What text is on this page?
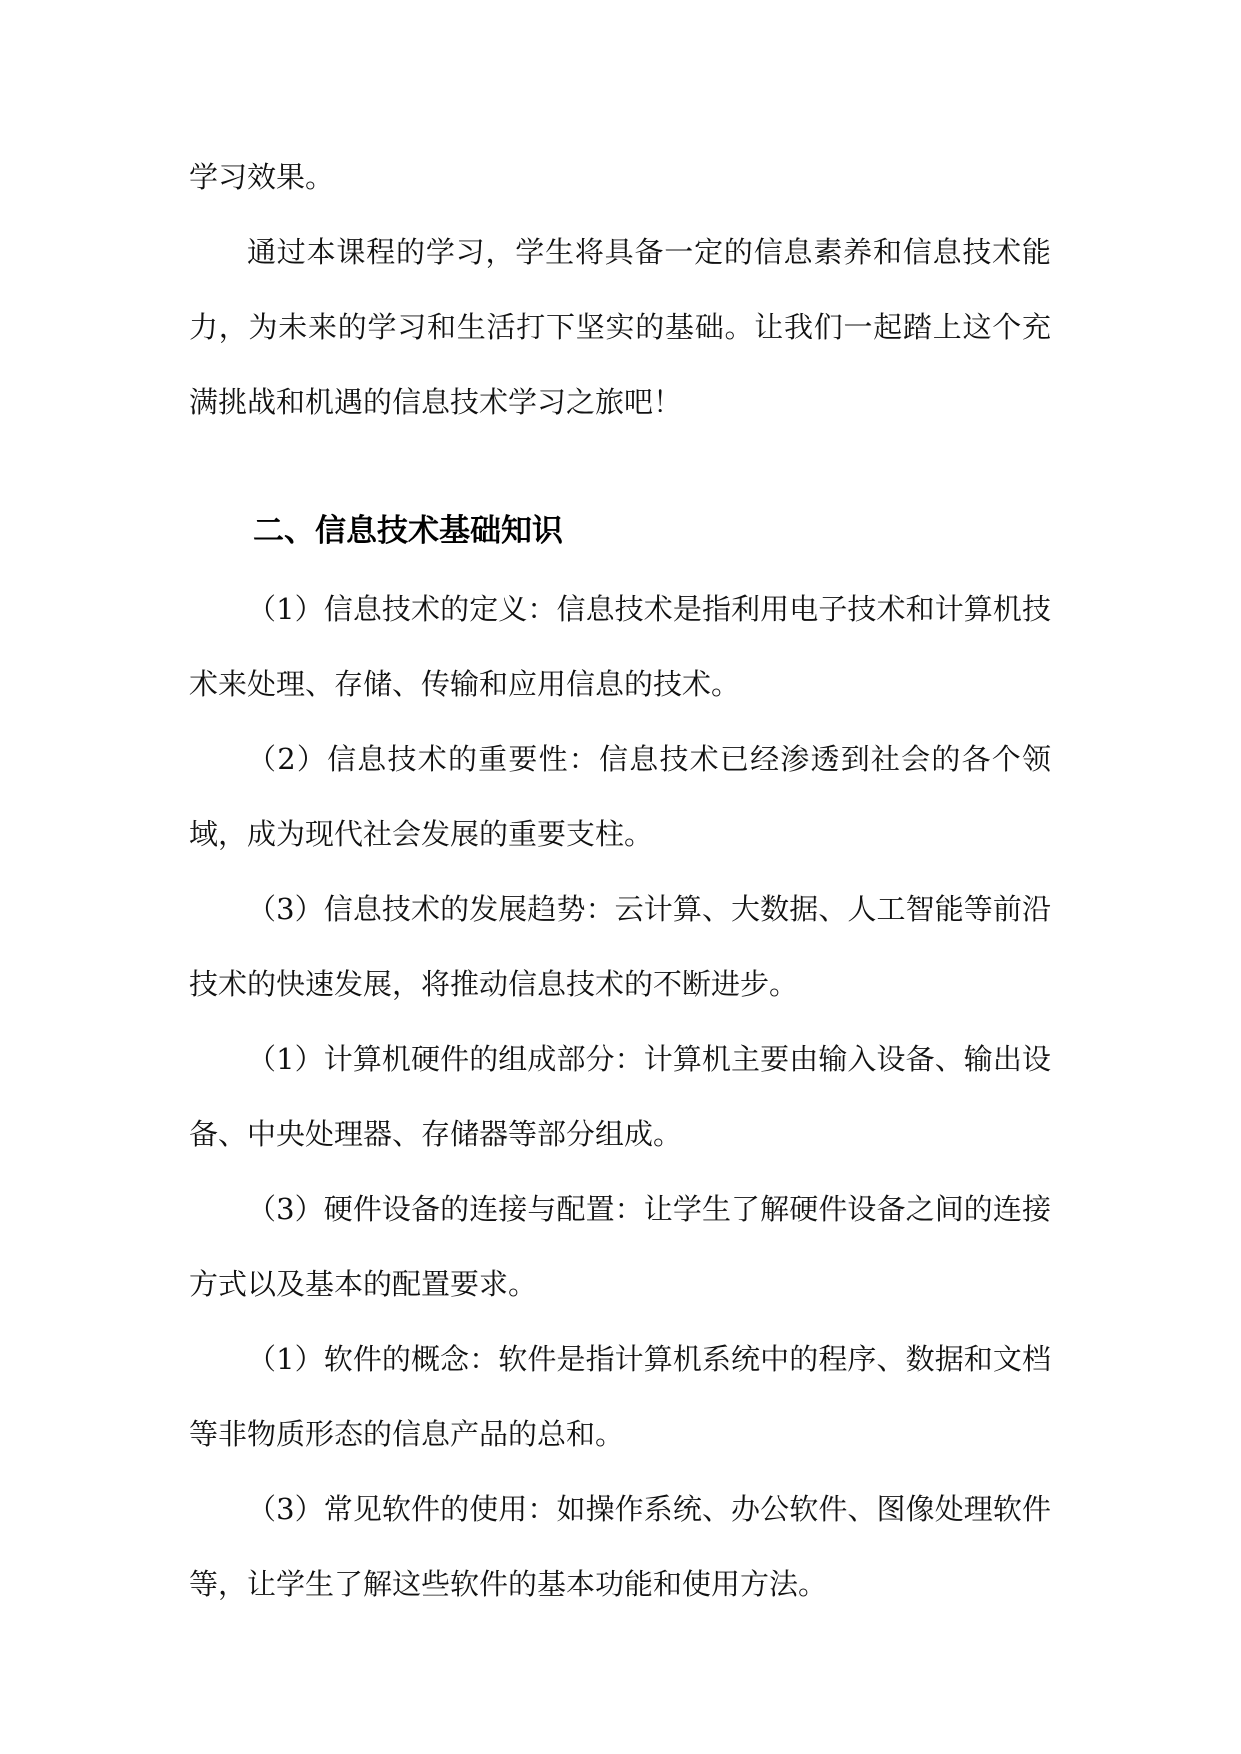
学习效果。

通过本课程的学习，学生将具备一定的信息素养和信息技术能力，为未来的学习和生活打下坚实的基础。让我们一起踏上这个充满挑战和机遇的信息技术学习之旅吧！

二、信息技术基础知识

（1）信息技术的定义：信息技术是指利用电子技术和计算机技术来处理、存储、传输和应用信息的技术。

（2）信息技术的重要性：信息技术已经渗透到社会的各个领域，成为现代社会发展的重要支柱。

（3）信息技术的发展趋势：云计算、大数据、人工智能等前沿技术的快速发展，将推动信息技术的不断进步。

（1）计算机硬件的组成部分：计算机主要由输入设备、输出设备、中央处理器、存储器等部分组成。

（3）硬件设备的连接与配置：让学生了解硬件设备之间的连接方式以及基本的配置要求。

（1）软件的概念：软件是指计算机系统中的程序、数据和文档等非物质形态的信息产品的总和。

（3）常见软件的使用：如操作系统、办公软件、图像处理软件等，让学生了解这些软件的基本功能和使用方法。
